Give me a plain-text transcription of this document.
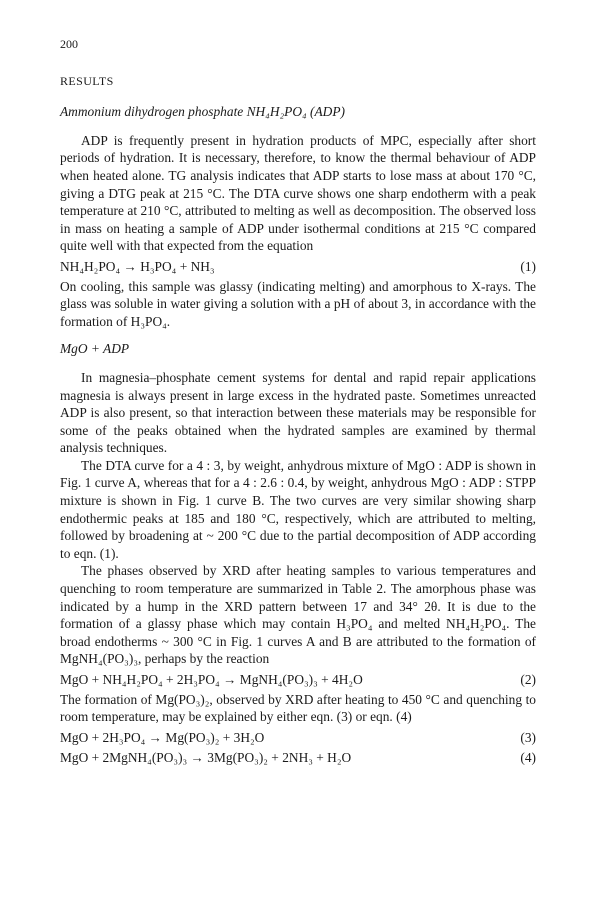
200
RESULTS
Ammonium dihydrogen phosphate NH₄H₂PO₄ (ADP)

ADP is frequently present in hydration products of MPC, especially after short periods of hydration. It is necessary, therefore, to know the thermal behaviour of ADP when heated alone. TG analysis indicates that ADP starts to lose mass at about 170 °C, giving a DTG peak at 215 °C. The DTA curve shows one sharp endotherm with a peak temperature at 210 °C, attributed to melting as well as decomposition. The observed loss in mass on heating a sample of ADP under isothermal conditions at 215 °C compared quite well with that expected from the equation

NH₄H₂PO₄ → H₃PO₄ + NH₃	(1)

On cooling, this sample was glassy (indicating melting) and amorphous to X-rays. The glass was soluble in water giving a solution with a pH of about 3, in accordance with the formation of H₃PO₄.

MgO + ADP

In magnesia–phosphate cement systems for dental and rapid repair applications magnesia is always present in large excess in the hydrated paste. Sometimes unreacted ADP is also present, so that interaction between these materials may be responsible for some of the peaks obtained when the hydrated samples are examined by thermal analysis techniques.

The DTA curve for a 4 : 3, by weight, anhydrous mixture of MgO : ADP is shown in Fig. 1 curve A, whereas that for a 4 : 2.6 : 0.4, by weight, anhydrous MgO : ADP : STPP mixture is shown in Fig. 1 curve B. The two curves are very similar showing sharp endothermic peaks at 185 and 180 °C, respectively, which are attributed to melting, followed by broadening at ~ 200 °C due to the partial decomposition of ADP according to eqn. (1).

The phases observed by XRD after heating samples to various temperatures and quenching to room temperature are summarized in Table 2. The amorphous phase was indicated by a hump in the XRD pattern between 17 and 34° 2θ. It is due to the formation of a glassy phase which may contain H₃PO₄ and melted NH₄H₂PO₄. The broad endotherms ~ 300 °C in Fig. 1 curves A and B are attributed to the formation of MgNH₄(PO₃)₃, perhaps by the reaction

MgO + NH₄H₂PO₄ + 2H₃PO₄ → MgNH₄(PO₃)₃ + 4H₂O	(2)

The formation of Mg(PO₃)₂, observed by XRD after heating to 450 °C and quenching to room temperature, may be explained by either eqn. (3) or eqn. (4)

MgO + 2H₃PO₄ → Mg(PO₃)₂ + 3H₂O	(3)
MgO + 2MgNH₄(PO₃)₃ → 3Mg(PO₃)₂ + 2NH₃ + H₂O	(4)
